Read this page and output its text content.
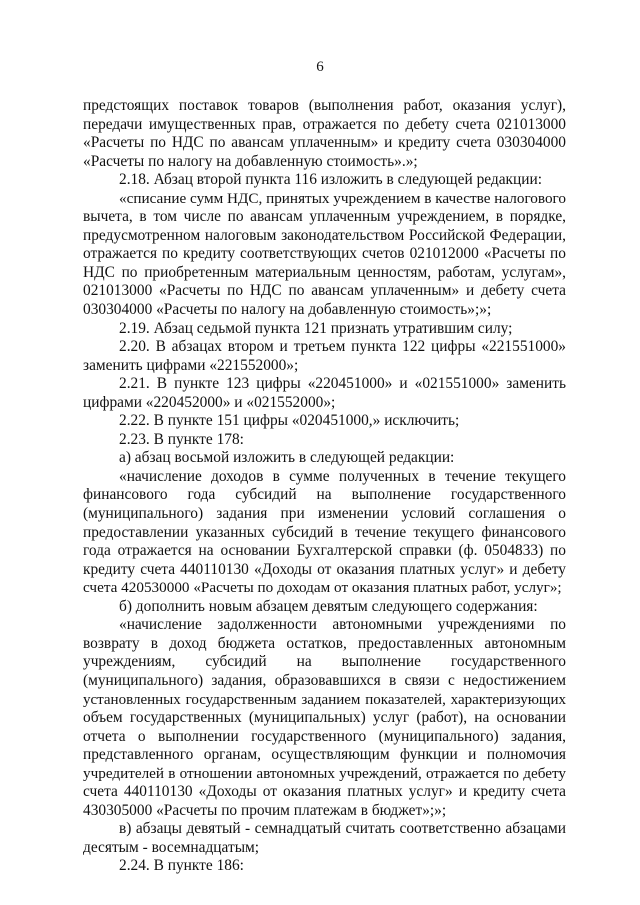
6
предстоящих поставок товаров (выполнения работ, оказания услуг),
передачи имущественных прав, отражается по дебету счета 021013000
«Расчеты по НДС по авансам уплаченным» и кредиту счета 030304000
«Расчеты по налогу на добавленную стоимость».»;
2.18. Абзац второй пункта 116 изложить в следующей редакции:
«списание сумм НДС, принятых учреждением в качестве налогового
вычета, в том числе по авансам уплаченным учреждением, в порядке,
предусмотренном налоговым законодательством Российской Федерации,
отражается по кредиту соответствующих счетов 021012000 «Расчеты по
НДС по приобретенным материальным ценностям, работам, услугам»,
021013000 «Расчеты по НДС по авансам уплаченным» и дебету счета
030304000 «Расчеты по налогу на добавленную стоимость»;»;
2.19. Абзац седьмой пункта 121 признать утратившим силу;
2.20. В абзацах втором и третьем пункта 122 цифры «221551000»
заменить цифрами «221552000»;
2.21. В пункте 123 цифры «220451000» и «021551000» заменить
цифрами «220452000» и «021552000»;
2.22. В пункте 151 цифры «020451000,» исключить;
2.23. В пункте 178:
а) абзац восьмой изложить в следующей редакции:
«начисление доходов в сумме полученных в течение текущего
финансового года субсидий на выполнение государственного
(муниципального) задания при изменении условий соглашения о
предоставлении указанных субсидий в течение текущего финансового
года отражается на основании Бухгалтерской справки (ф. 0504833) по
кредиту счета 440110130 «Доходы от оказания платных услуг» и дебету
счета 420530000 «Расчеты по доходам от оказания платных работ, услуг»;
б) дополнить новым абзацем девятым следующего содержания:
«начисление задолженности автономными учреждениями по
возврату в доход бюджета остатков, предоставленных автономным
учреждениям, субсидий на выполнение государственного
(муниципального) задания, образовавшихся в связи с недостижением
установленных государственным заданием показателей, характеризующих
объем государственных (муниципальных) услуг (работ), на основании
отчета о выполнении государственного (муниципального) задания,
представленного органам, осуществляющим функции и полномочия
учредителей в отношении автономных учреждений, отражается по дебету
счета 440110130 «Доходы от оказания платных услуг» и кредиту счета
430305000 «Расчеты по прочим платежам в бюджет»;»;
в) абзацы девятый - семнадцатый считать соответственно абзацами
десятым - восемнадцатым;
2.24. В пункте 186:
